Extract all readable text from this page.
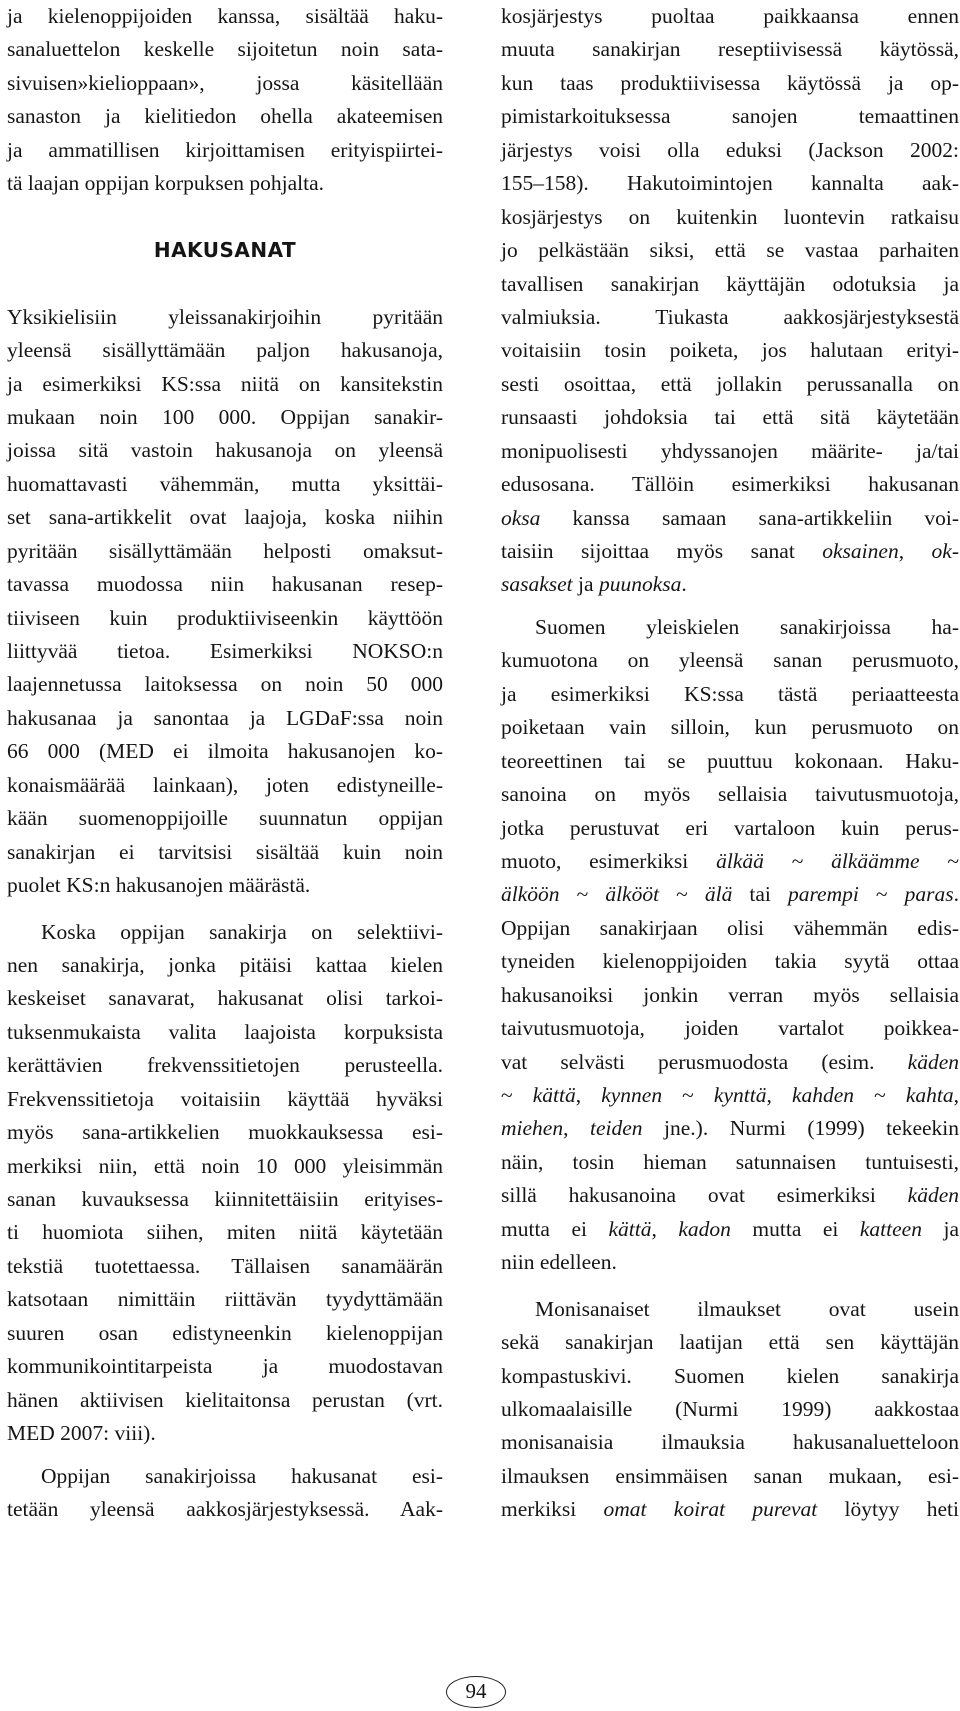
ja kielenoppijoiden kanssa, sisältää haku-
sanaluettelon keskelle sijoitetun noin sata-
sivuisen»kielioppaan», jossa käsitellään
sanaston ja kielitiedon ohella akateemisen
ja ammatillisen kirjoittamisen erityispiirtei-
tä laajan oppijan korpuksen pohjalta.
HAKUSANAT
Yksikielisiin yleissanakirjoihin pyritään
yleensä sisällyttämään paljon hakusanoja,
ja esimerkiksi KS:ssa niitä on kansitekstin
mukaan noin 100 000. Oppijan sanakir-
joissa sitä vastoin hakusanoja on yleensä
huomattavasti vähemmän, mutta yksittäi-
set sana-artikkelit ovat laajoja, koska niihin
pyritään sisällyttämään helposti omaksut-
tavassa muodossa niin hakusanan resep-
tiiviseen kuin produktiiviseenkin käyttöön
liittyvää tietoa. Esimerkiksi NOKSO:n
laajennetussa laitoksessa on noin 50 000
hakusanaa ja sanontaa ja LGDaF:ssa noin
66 000 (MED ei ilmoita hakusanojen ko-
konaismäärää lainkaan), joten edistyneille-
kään suomenoppijoille suunnatun oppijan
sanakirjan ei tarvitsisi sisältää kuin noin
puolet KS:n hakusanojen määrästä.
Koska oppijan sanakirja on selektiivi-
nen sanakirja, jonka pitäisi kattaa kielen
keskeiset sanavarat, hakusanat olisi tarkoi-
tuksenmukaista valita laajoista korpuksista
kerättävien frekvenssitietojen perusteella.
Frekvenssitietoja voitaisiin käyttää hyväksi
myös sana-artikkelien muokkauksessa esi-
merkiksi niin, että noin 10 000 yleisimmän
sanan kuvauksessa kiinnitettäisiin erityises-
ti huomiota siihen, miten niitä käytetään
tekstiä tuotettaessa. Tällaisen sanamäärän
katsotaan nimittäin riittävän tyydyttämään
suuren osan edistyneenkin kielenoppijan
kommunikointitarpeista ja muodostavan
hänen aktiivisen kielitaitonsa perustan (vrt.
MED 2007: viii).
Oppijan sanakirjoissa hakusanat esi-
tetään yleensä aakkosjärjestyksessä. Aak-
kosjärjestys puoltaa paikkaansa ennen
muuta sanakirjan reseptiivisessä käytössä,
kun taas produktiivisessa käytössä ja op-
pimistarkoituksessa sanojen temaattinen
järjestys voisi olla eduksi (Jackson 2002:
155–158). Hakutoimintojen kannalta aak-
kosjärjestys on kuitenkin luontevin ratkaisu
jo pelkästään siksi, että se vastaa parhaiten
tavallisen sanakirjan käyttäjän odotuksia ja
valmiuksia. Tiukasta aakkosjärjestyksestä
voitaisiin tosin poiketa, jos halutaan erityi-
sesti osoittaa, että jollakin perussanalla on
runsaasti johdoksia tai että sitä käytetään
monipuolisesti yhdyssanojen määrite- ja/tai
edusosana. Tällöin esimerkiksi hakusanan
oksa kanssa samaan sana-artikkeliin voi-
taisiin sijoittaa myös sanat oksainen, ok-
sasakset ja puunoksa.
Suomen yleiskielen sanakirjoissa ha-
kumuotona on yleensä sanan perusmuoto,
ja esimerkiksi KS:ssa tästä periaatteesta
poiketaan vain silloin, kun perusmuoto on
teoreettinen tai se puuttuu kokonaan. Haku-
sanoina on myös sellaisia taivutusmuotoja,
jotka perustuvat eri vartaloon kuin perus-
muoto, esimerkiksi älkää ~ älkäämme ~
älköön ~ älkööt ~ älä tai parempi ~ paras.
Oppijan sanakirjaan olisi vähemmän edis-
tyneiden kielenoppijoiden takia syytä ottaa
hakusanoiksi jonkin verran myös sellaisia
taivutusmuotoja, joiden vartalot poikkea-
vat selvästi perusmuodosta (esim. käden
~ kättä, kynnen ~ kynttä, kahden ~ kahta,
miehen, teiden jne.). Nurmi (1999) tekeekin
näin, tosin hieman satunnaisen tuntuisesti,
sillä hakusanoina ovat esimerkiksi käden
mutta ei kättä, kadon mutta ei katteen ja
niin edelleen.
Monisanaiset ilmaukset ovat usein
sekä sanakirjan laatijan että sen käyttäjän
kompastuskivi. Suomen kielen sanakirja
ulkomaalaisille (Nurmi 1999) aakkostaa
monisanaisia ilmauksia hakusanaluetteloon
ilmauksen ensimmäisen sanan mukaan, esi-
merkiksi omat koirat purevat löytyy heti
94
